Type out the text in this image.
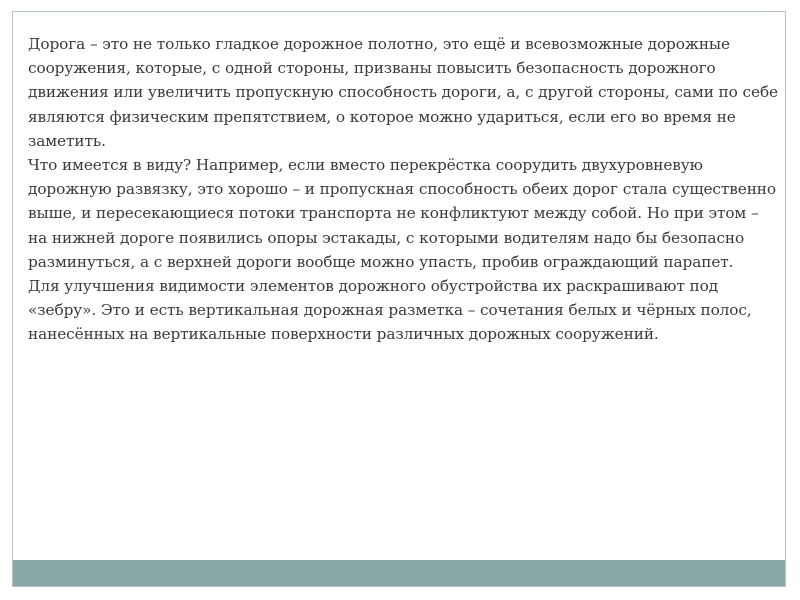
Дорога – это не только гладкое дорожное полотно, это ещё и всевозможные дорожные сооружения, которые, с одной стороны, призваны повысить безопасность дорожного движения или увеличить пропускную способность дороги, а, с другой стороны, сами по себе являются физическим препятствием, о которое можно удариться, если его во время не заметить.

Что имеется в виду? Например, если вместо перекрёстка соорудить двухуровневую дорожную развязку, это хорошо – и пропускная способность обеих дорог стала существенно выше, и пересекающиеся потоки транспорта не конфликтуют между собой. Но при этом – на нижней дороге появились опоры эстакады, с которыми водителям надо бы безопасно разминуться, а с верхней дороги вообще можно упасть, пробив ограждающий парапет.

Для улучшения видимости элементов дорожного обустройства их раскрашивают под «зебру». Это и есть вертикальная дорожная разметка – сочетания белых и чёрных полос, нанесённых на вертикальные поверхности различных дорожных сооружений.
